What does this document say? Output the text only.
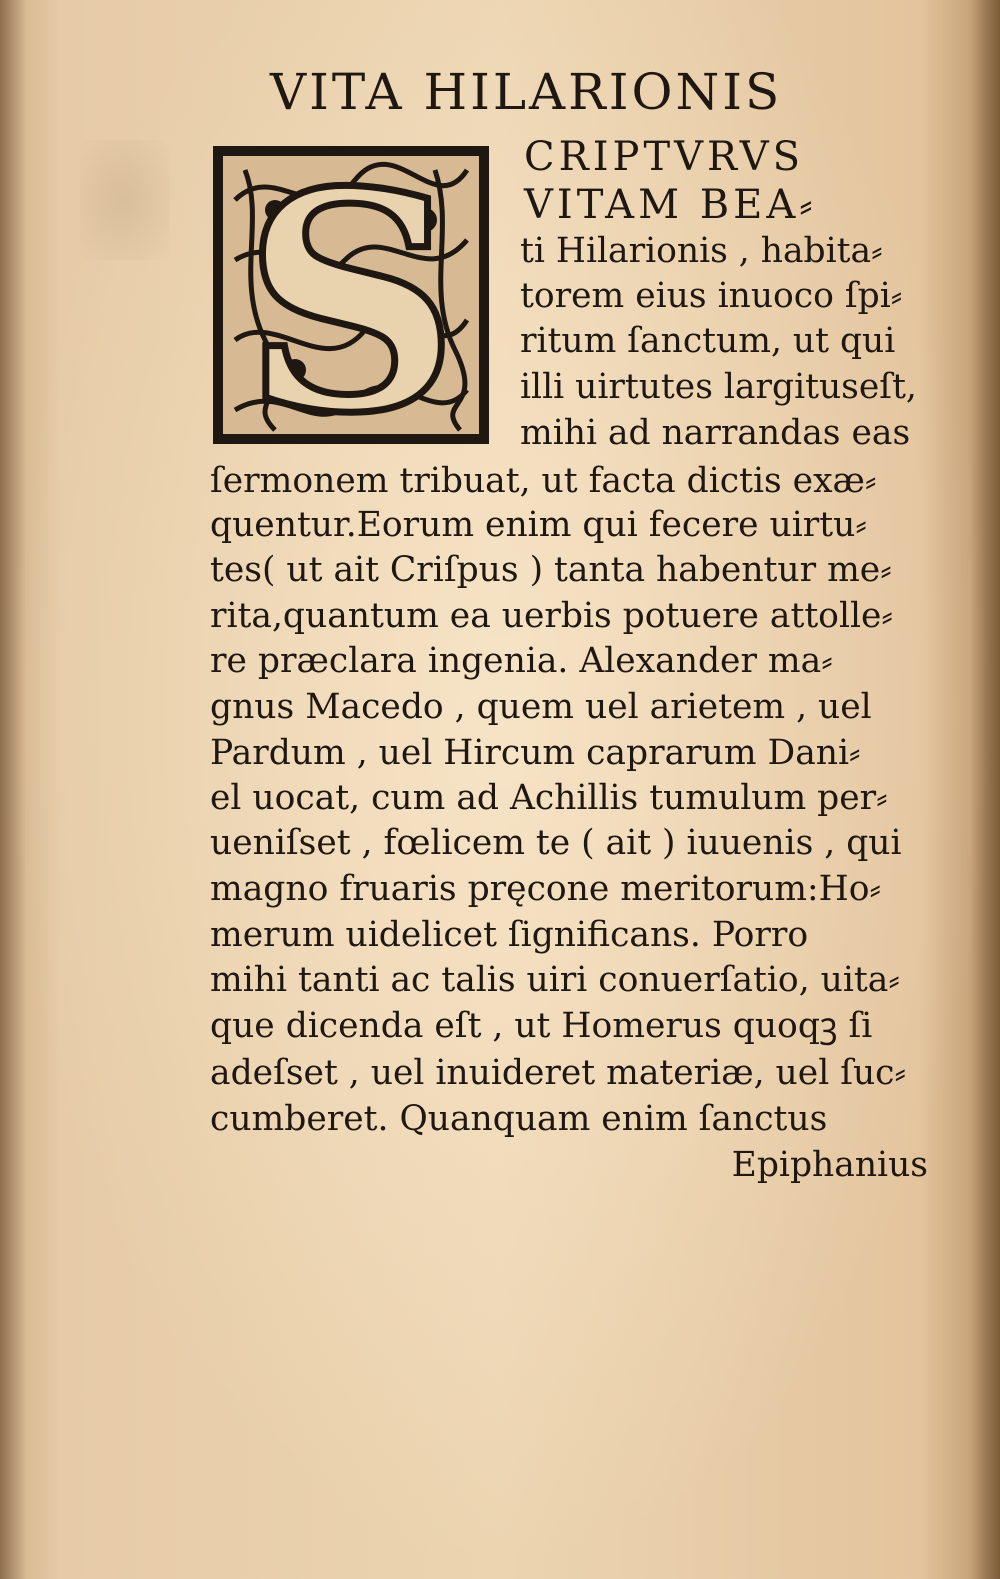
VITA HILARIONIS
S CRIPTVRVS
VITAM BEA⸗
ti Hilarionis , habita⸗
torem eius inuoco ſpi⸗
ritum ſanctum, ut qui
illi uirtutes largituseſt,
mihi ad narrandas eas
ſermonem tribuat, ut facta dictis exæ⸗
quentur.Eorum enim qui fecere uirtu⸗
tes( ut ait Criſpus ) tanta habentur me⸗
rita,quantum ea uerbis potuere attolle⸗
re præclara ingenia. Alexander ma⸗
gnus Macedo , quem uel arietem , uel
Pardum , uel Hircum caprarum Dani⸗
el uocat, cum ad Achillis tumulum per⸗
ueniſset , fœlicem te ( ait ) iuuenis , qui
magno fruaris pręcone meritorum:Ho⸗
merum uidelicet ſignificans. Porro
mihi tanti ac talis uiri conuerſatio, uita⸗
que dicenda eſt , ut Homerus quoqꝫ ſi
adeſset , uel inuideret materiæ, uel ſuc⸗
cumberet. Quanquam enim ſanctus
Epiphanius
